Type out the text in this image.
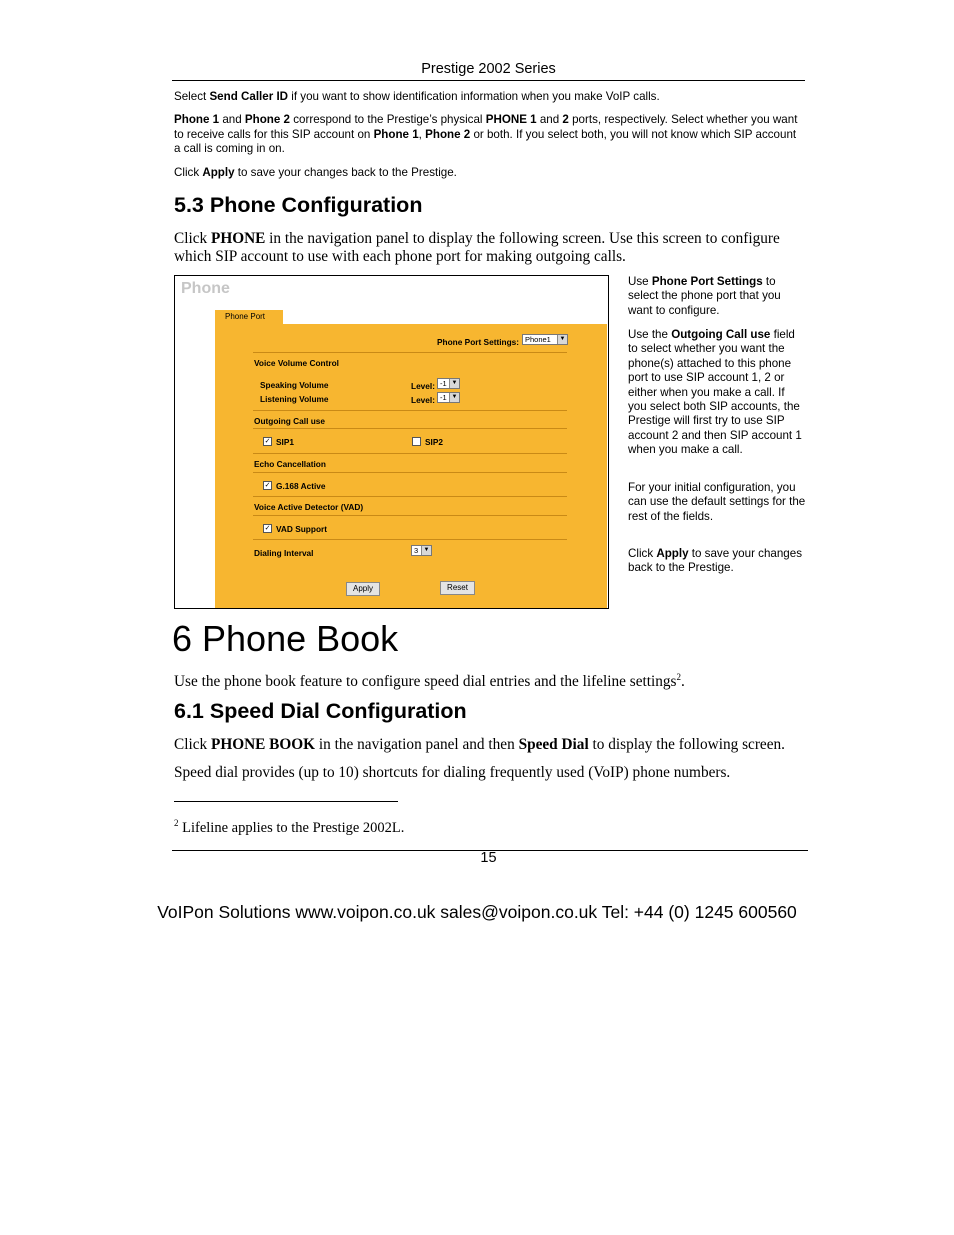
Prestige 2002 Series
Select Send Caller ID if you want to show identification information when you make VoIP calls.
Phone 1 and Phone 2 correspond to the Prestige’s physical PHONE 1 and 2 ports, respectively. Select whether you want to receive calls for this SIP account on Phone 1, Phone 2 or both. If you select both, you will not know which SIP account a call is coming in on.
Click Apply to save your changes back to the Prestige.
5.3 Phone Configuration
Click PHONE in the navigation panel to display the following screen. Use this screen to configure which SIP account to use with each phone port for making outgoing calls.
Phone
Phone Port
Phone Port Settings: Phone1	▼
Voice Volume Control
Speaking Volume	Level: -1 ▼
Listening Volume	Level: -1 ▼
Outgoing Call use
✓ SIP1	SIP2
Echo Cancellation
✓ G.168 Active
Voice Active Detector (VAD)
✓ VAD Support
Dialing Interval	3 ▼
Apply	Reset
Use Phone Port Settings to select the phone port that you want to configure.
Use the Outgoing Call use field to select whether you want the phone(s) attached to this phone port to use SIP account 1, 2 or either when you make a call. If you select both SIP accounts, the Prestige will first try to use SIP account 2 and then SIP account 1 when you make a call.
For your initial configuration, you can use the default settings for the rest of the fields.
Click Apply to save your changes back to the Prestige.
6 Phone Book
Use the phone book feature to configure speed dial entries and the lifeline settings$^2$.
6.1 Speed Dial Configuration
Click PHONE BOOK in the navigation panel and then Speed Dial to display the following screen.
Speed dial provides (up to 10) shortcuts for dialing frequently used (VoIP) phone numbers.
$^2$ Lifeline applies to the Prestige 2002L.
15
VoIPon Solutions www.voipon.co.uk sales@voipon.co.uk Tel: +44 (0) 1245 600560
